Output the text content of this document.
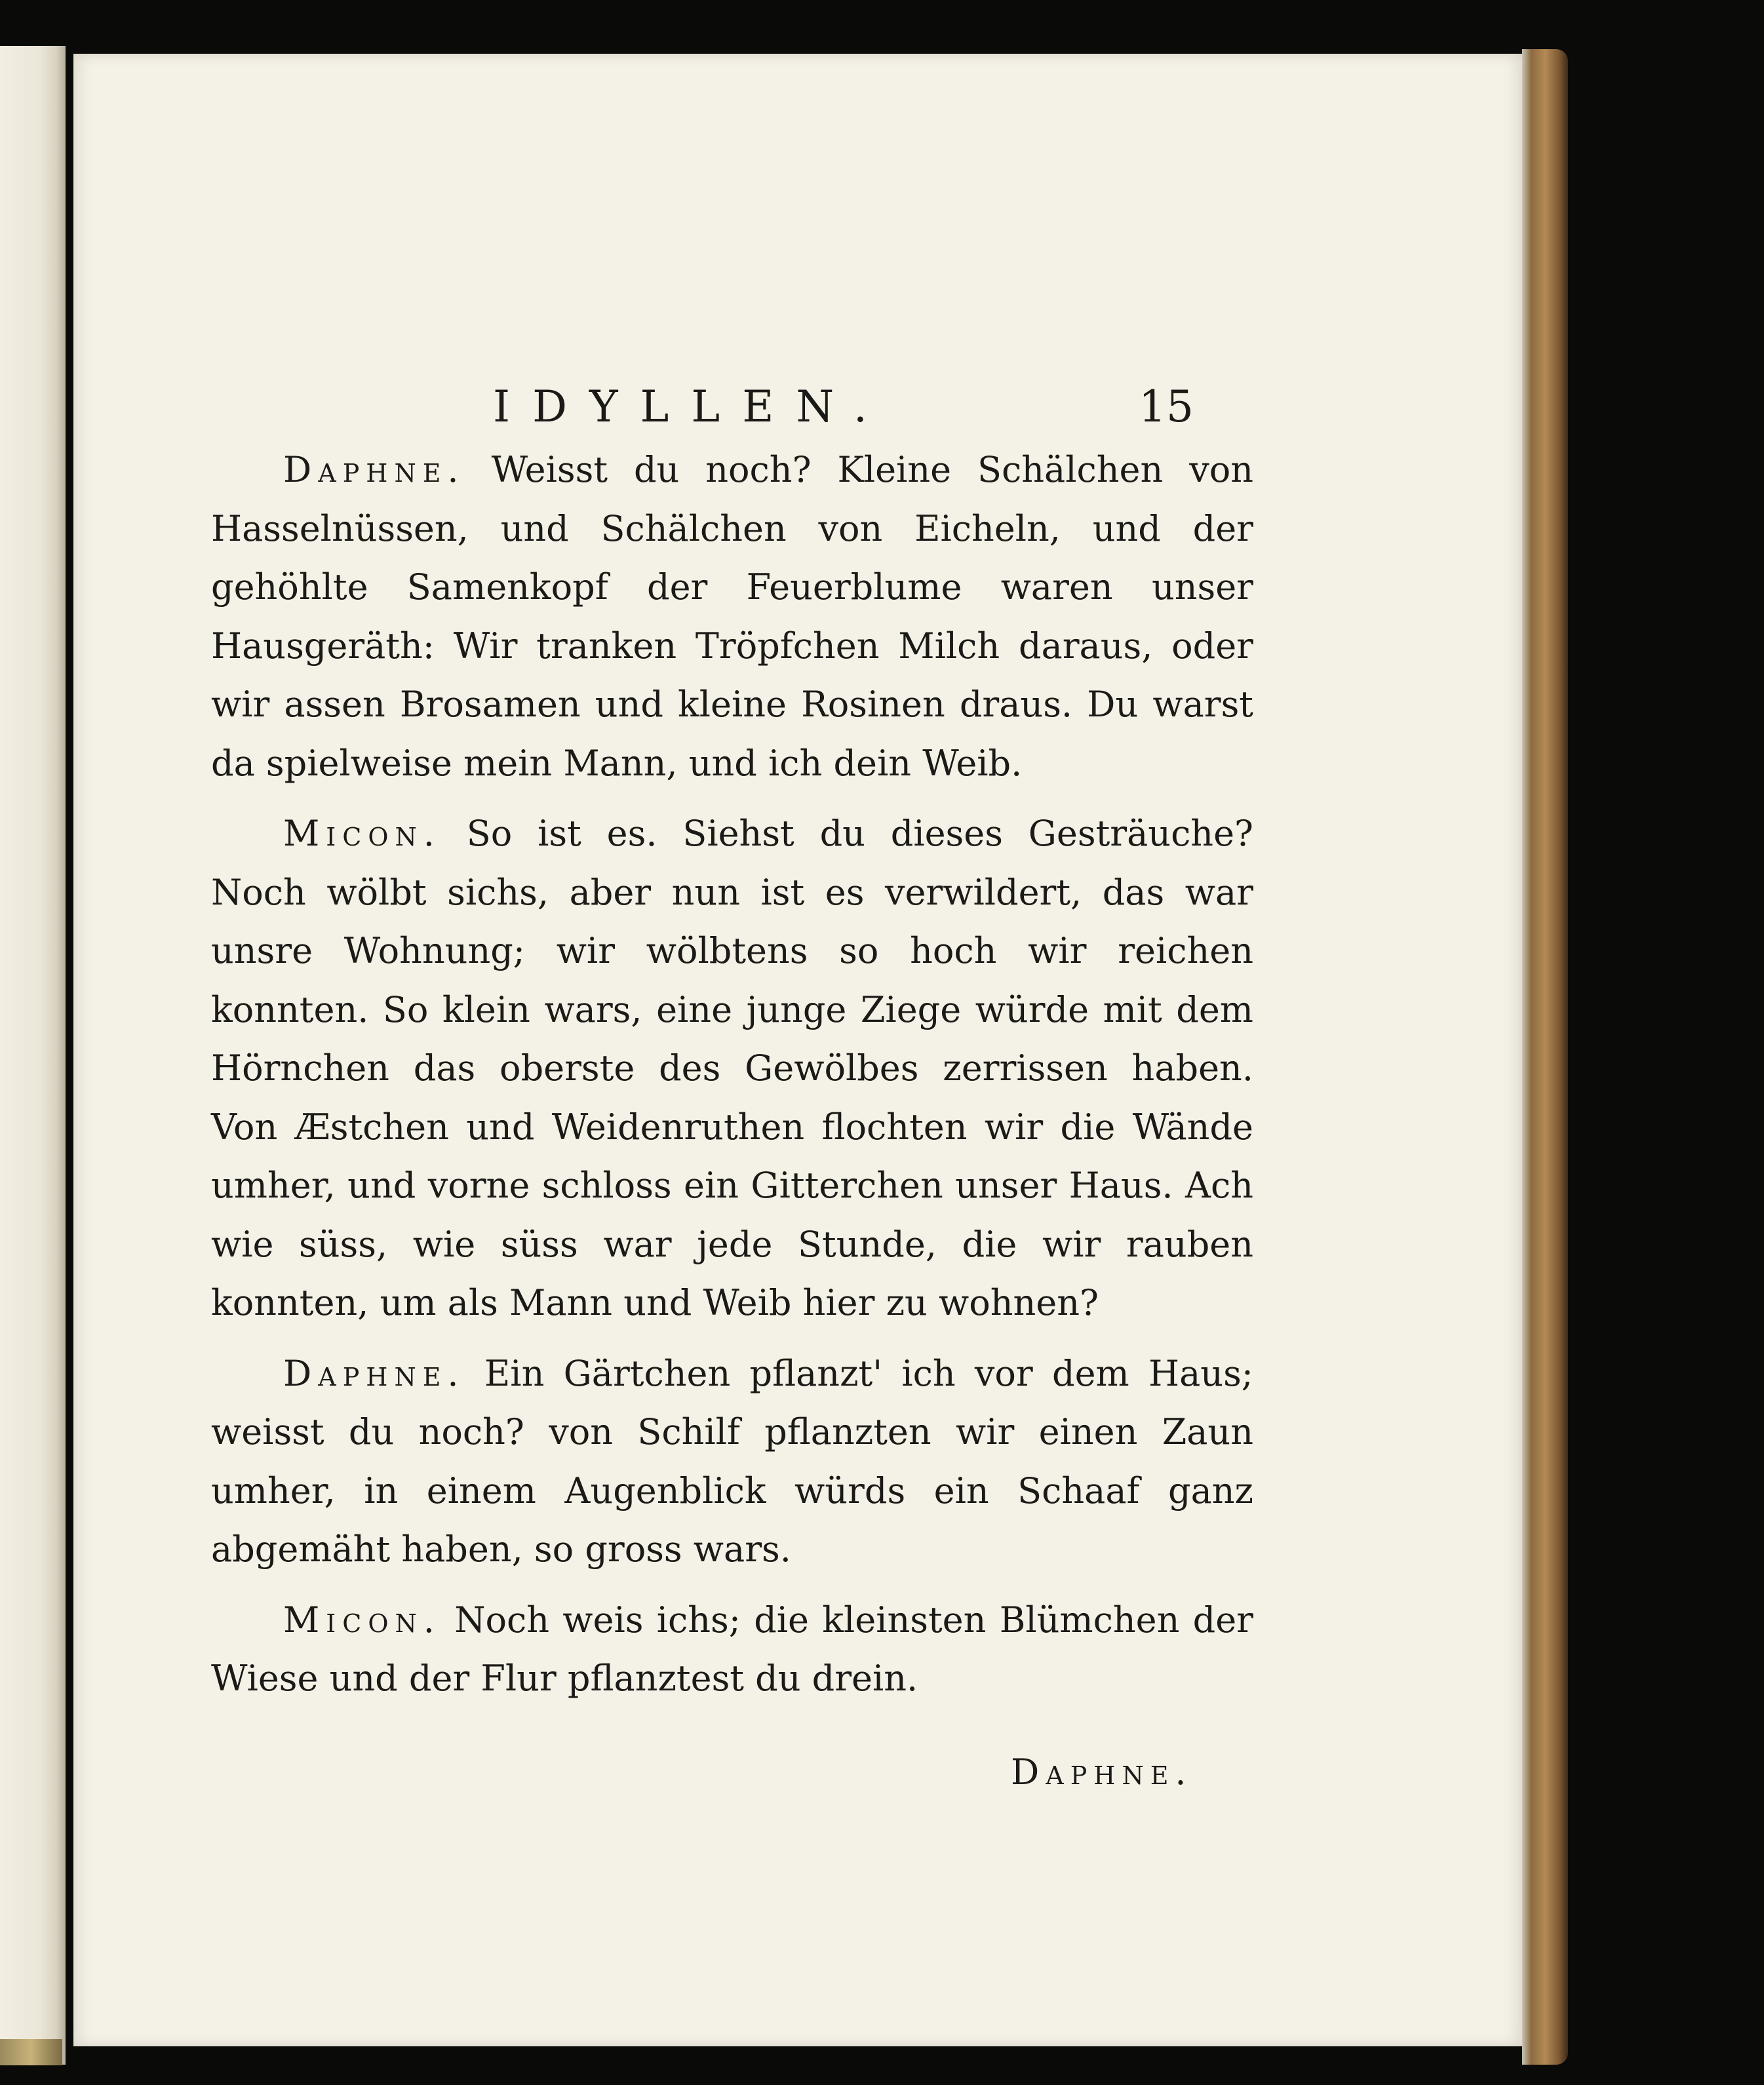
IDYLLEN.	15

Daphne. Weisst du noch? Kleine Schälchen von Hasselnüssen, und Schälchen von Eicheln, und der gehöhlte Samenkopf der Feuerblume waren unser Hausgeräth: Wir tranken Tröpfchen Milch daraus, oder wir assen Brosamen und kleine Rosinen draus. Du warst da spielweise mein Mann, und ich dein Weib.

Micon. So ist es. Siehst du dieses Gesträuche? Noch wölbt sichs, aber nun ist es verwildert, das war unsre Wohnung; wir wölbtens so hoch wir reichen konnten. So klein wars, eine junge Ziege würde mit dem Hörnchen das oberste des Gewölbes zerrissen haben. Von Æstchen und Weidenruthen flochten wir die Wände umher, und vorne schloss ein Gitterchen unser Haus. Ach wie süss, wie süss war jede Stunde, die wir rauben konnten, um als Mann und Weib hier zu wohnen?

Daphne. Ein Gärtchen pflanzt' ich vor dem Haus; weisst du noch? von Schilf pflanzten wir einen Zaun umher, in einem Augenblick würds ein Schaaf ganz abgemäht haben, so gross wars.

Micon. Noch weis ichs; die kleinsten Blümchen der Wiese und der Flur pflanztest du drein.

Daphne.
